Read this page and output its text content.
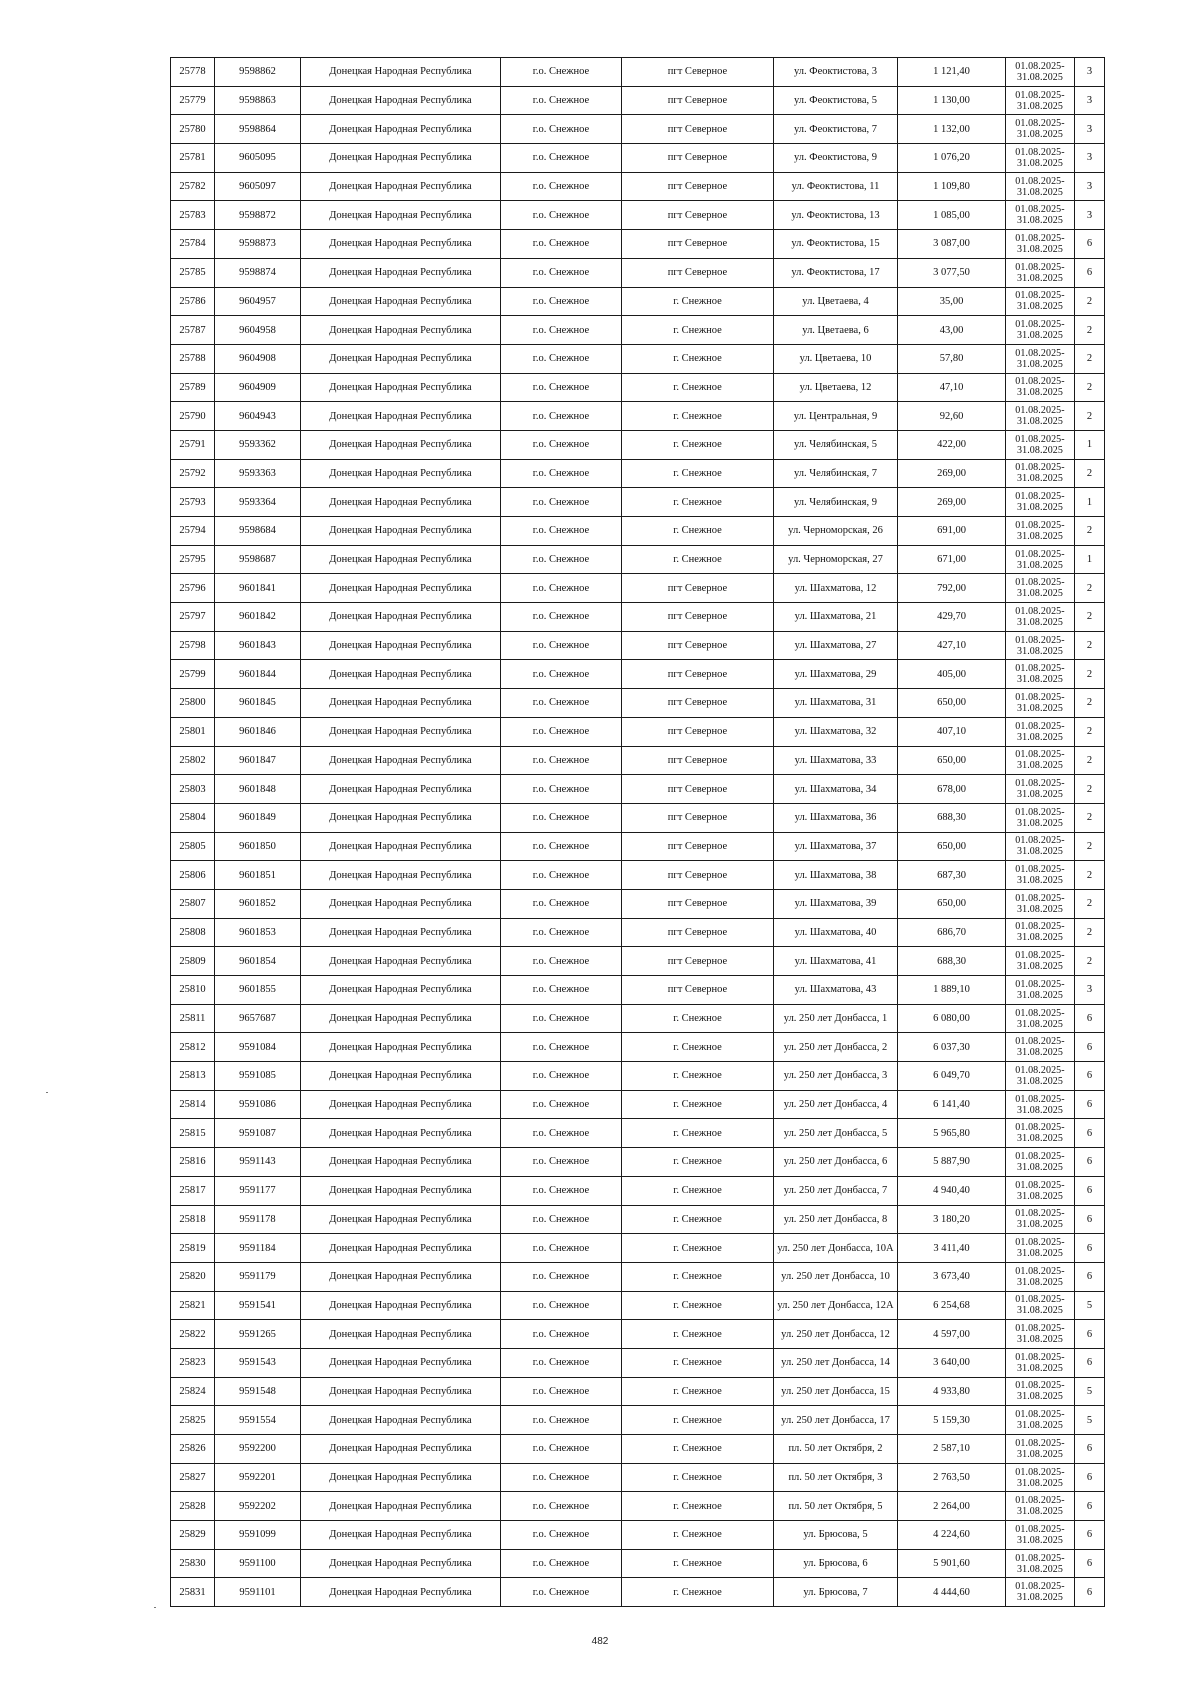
25778	9598862	Донецкая Народная Республика	г.о. Снежное	пгт Северное	ул. Феоктистова, 3	1 121,40	01.08.2025-
31.08.2025	3
25779	9598863	Донецкая Народная Республика	г.о. Снежное	пгт Северное	ул. Феоктистова, 5	1 130,00	01.08.2025-
31.08.2025	3
25780	9598864	Донецкая Народная Республика	г.о. Снежное	пгт Северное	ул. Феоктистова, 7	1 132,00	01.08.2025-
31.08.2025	3
25781	9605095	Донецкая Народная Республика	г.о. Снежное	пгт Северное	ул. Феоктистова, 9	1 076,20	01.08.2025-
31.08.2025	3
25782	9605097	Донецкая Народная Республика	г.о. Снежное	пгт Северное	ул. Феоктистова, 11	1 109,80	01.08.2025-
31.08.2025	3
25783	9598872	Донецкая Народная Республика	г.о. Снежное	пгт Северное	ул. Феоктистова, 13	1 085,00	01.08.2025-
31.08.2025	3
25784	9598873	Донецкая Народная Республика	г.о. Снежное	пгт Северное	ул. Феоктистова, 15	3 087,00	01.08.2025-
31.08.2025	6
25785	9598874	Донецкая Народная Республика	г.о. Снежное	пгт Северное	ул. Феоктистова, 17	3 077,50	01.08.2025-
31.08.2025	6
25786	9604957	Донецкая Народная Республика	г.о. Снежное	г. Снежное	ул. Цветаева, 4	35,00	01.08.2025-
31.08.2025	2
25787	9604958	Донецкая Народная Республика	г.о. Снежное	г. Снежное	ул. Цветаева, 6	43,00	01.08.2025-
31.08.2025	2
25788	9604908	Донецкая Народная Республика	г.о. Снежное	г. Снежное	ул. Цветаева, 10	57,80	01.08.2025-
31.08.2025	2
25789	9604909	Донецкая Народная Республика	г.о. Снежное	г. Снежное	ул. Цветаева, 12	47,10	01.08.2025-
31.08.2025	2
25790	9604943	Донецкая Народная Республика	г.о. Снежное	г. Снежное	ул. Центральная, 9	92,60	01.08.2025-
31.08.2025	2
25791	9593362	Донецкая Народная Республика	г.о. Снежное	г. Снежное	ул. Челябинская, 5	422,00	01.08.2025-
31.08.2025	1
25792	9593363	Донецкая Народная Республика	г.о. Снежное	г. Снежное	ул. Челябинская, 7	269,00	01.08.2025-
31.08.2025	2
25793	9593364	Донецкая Народная Республика	г.о. Снежное	г. Снежное	ул. Челябинская, 9	269,00	01.08.2025-
31.08.2025	1
25794	9598684	Донецкая Народная Республика	г.о. Снежное	г. Снежное	ул. Черноморская, 26	691,00	01.08.2025-
31.08.2025	2
25795	9598687	Донецкая Народная Республика	г.о. Снежное	г. Снежное	ул. Черноморская, 27	671,00	01.08.2025-
31.08.2025	1
25796	9601841	Донецкая Народная Республика	г.о. Снежное	пгт Северное	ул. Шахматова, 12	792,00	01.08.2025-
31.08.2025	2
25797	9601842	Донецкая Народная Республика	г.о. Снежное	пгт Северное	ул. Шахматова, 21	429,70	01.08.2025-
31.08.2025	2
25798	9601843	Донецкая Народная Республика	г.о. Снежное	пгт Северное	ул. Шахматова, 27	427,10	01.08.2025-
31.08.2025	2
25799	9601844	Донецкая Народная Республика	г.о. Снежное	пгт Северное	ул. Шахматова, 29	405,00	01.08.2025-
31.08.2025	2
25800	9601845	Донецкая Народная Республика	г.о. Снежное	пгт Северное	ул. Шахматова, 31	650,00	01.08.2025-
31.08.2025	2
25801	9601846	Донецкая Народная Республика	г.о. Снежное	пгт Северное	ул. Шахматова, 32	407,10	01.08.2025-
31.08.2025	2
25802	9601847	Донецкая Народная Республика	г.о. Снежное	пгт Северное	ул. Шахматова, 33	650,00	01.08.2025-
31.08.2025	2
25803	9601848	Донецкая Народная Республика	г.о. Снежное	пгт Северное	ул. Шахматова, 34	678,00	01.08.2025-
31.08.2025	2
25804	9601849	Донецкая Народная Республика	г.о. Снежное	пгт Северное	ул. Шахматова, 36	688,30	01.08.2025-
31.08.2025	2
25805	9601850	Донецкая Народная Республика	г.о. Снежное	пгт Северное	ул. Шахматова, 37	650,00	01.08.2025-
31.08.2025	2
25806	9601851	Донецкая Народная Республика	г.о. Снежное	пгт Северное	ул. Шахматова, 38	687,30	01.08.2025-
31.08.2025	2
25807	9601852	Донецкая Народная Республика	г.о. Снежное	пгт Северное	ул. Шахматова, 39	650,00	01.08.2025-
31.08.2025	2
25808	9601853	Донецкая Народная Республика	г.о. Снежное	пгт Северное	ул. Шахматова, 40	686,70	01.08.2025-
31.08.2025	2
25809	9601854	Донецкая Народная Республика	г.о. Снежное	пгт Северное	ул. Шахматова, 41	688,30	01.08.2025-
31.08.2025	2
25810	9601855	Донецкая Народная Республика	г.о. Снежное	пгт Северное	ул. Шахматова, 43	1 889,10	01.08.2025-
31.08.2025	3
25811	9657687	Донецкая Народная Республика	г.о. Снежное	г. Снежное	ул. 250 лет Донбасса, 1	6 080,00	01.08.2025-
31.08.2025	6
25812	9591084	Донецкая Народная Республика	г.о. Снежное	г. Снежное	ул. 250 лет Донбасса, 2	6 037,30	01.08.2025-
31.08.2025	6
25813	9591085	Донецкая Народная Республика	г.о. Снежное	г. Снежное	ул. 250 лет Донбасса, 3	6 049,70	01.08.2025-
31.08.2025	6
25814	9591086	Донецкая Народная Республика	г.о. Снежное	г. Снежное	ул. 250 лет Донбасса, 4	6 141,40	01.08.2025-
31.08.2025	6
25815	9591087	Донецкая Народная Республика	г.о. Снежное	г. Снежное	ул. 250 лет Донбасса, 5	5 965,80	01.08.2025-
31.08.2025	6
25816	9591143	Донецкая Народная Республика	г.о. Снежное	г. Снежное	ул. 250 лет Донбасса, 6	5 887,90	01.08.2025-
31.08.2025	6
25817	9591177	Донецкая Народная Республика	г.о. Снежное	г. Снежное	ул. 250 лет Донбасса, 7	4 940,40	01.08.2025-
31.08.2025	6
25818	9591178	Донецкая Народная Республика	г.о. Снежное	г. Снежное	ул. 250 лет Донбасса, 8	3 180,20	01.08.2025-
31.08.2025	6
25819	9591184	Донецкая Народная Республика	г.о. Снежное	г. Снежное	ул. 250 лет Донбасса, 10А	3 411,40	01.08.2025-
31.08.2025	6
25820	9591179	Донецкая Народная Республика	г.о. Снежное	г. Снежное	ул. 250 лет Донбасса, 10	3 673,40	01.08.2025-
31.08.2025	6
25821	9591541	Донецкая Народная Республика	г.о. Снежное	г. Снежное	ул. 250 лет Донбасса, 12А	6 254,68	01.08.2025-
31.08.2025	5
25822	9591265	Донецкая Народная Республика	г.о. Снежное	г. Снежное	ул. 250 лет Донбасса, 12	4 597,00	01.08.2025-
31.08.2025	6
25823	9591543	Донецкая Народная Республика	г.о. Снежное	г. Снежное	ул. 250 лет Донбасса, 14	3 640,00	01.08.2025-
31.08.2025	6
25824	9591548	Донецкая Народная Республика	г.о. Снежное	г. Снежное	ул. 250 лет Донбасса, 15	4 933,80	01.08.2025-
31.08.2025	5
25825	9591554	Донецкая Народная Республика	г.о. Снежное	г. Снежное	ул. 250 лет Донбасса, 17	5 159,30	01.08.2025-
31.08.2025	5
25826	9592200	Донецкая Народная Республика	г.о. Снежное	г. Снежное	пл. 50 лет Октября, 2	2 587,10	01.08.2025-
31.08.2025	6
25827	9592201	Донецкая Народная Республика	г.о. Снежное	г. Снежное	пл. 50 лет Октября, 3	2 763,50	01.08.2025-
31.08.2025	6
25828	9592202	Донецкая Народная Республика	г.о. Снежное	г. Снежное	пл. 50 лет Октября, 5	2 264,00	01.08.2025-
31.08.2025	6
25829	9591099	Донецкая Народная Республика	г.о. Снежное	г. Снежное	ул. Брюсова, 5	4 224,60	01.08.2025-
31.08.2025	6
25830	9591100	Донецкая Народная Республика	г.о. Снежное	г. Снежное	ул. Брюсова, 6	5 901,60	01.08.2025-
31.08.2025	6
25831	9591101	Донецкая Народная Республика	г.о. Снежное	г. Снежное	ул. Брюсова, 7	4 444,60	01.08.2025-
31.08.2025	6
482
